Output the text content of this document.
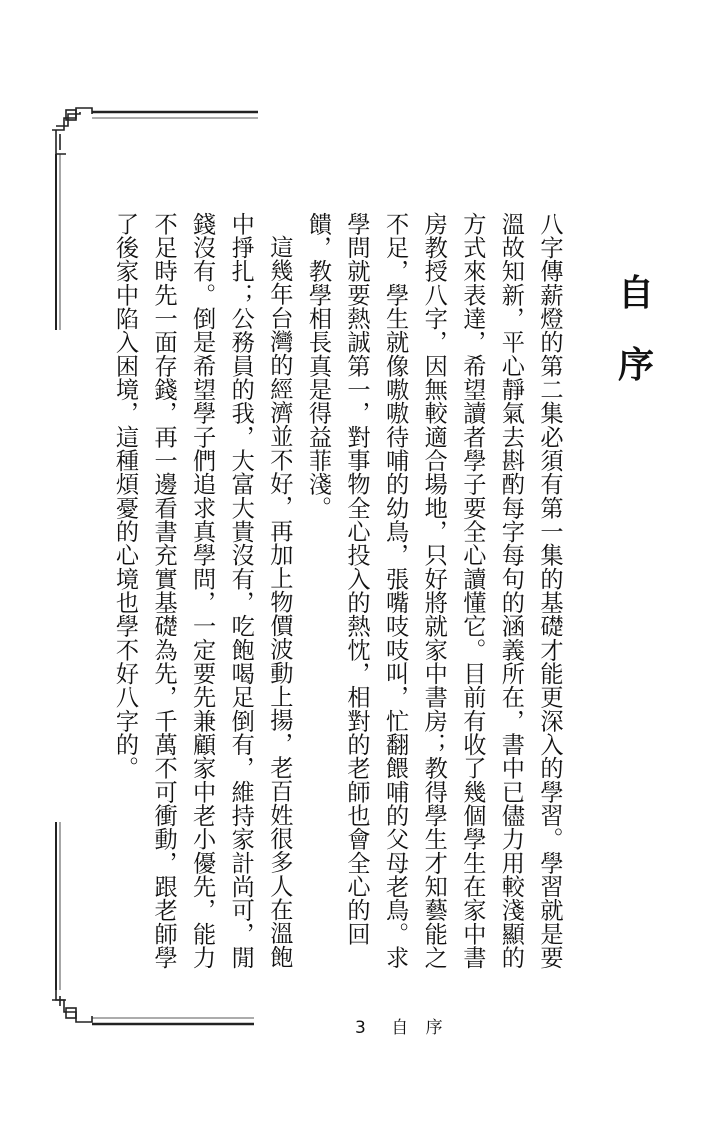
自
序

八字傳薪燈的第二集必須有第一集的基礎才能更深入的學習。學習就是要溫故知新，平心靜氣去斟酌每字每句的涵義所在，書中已儘力用較淺顯的方式來表達，希望讀者學子要全心讀懂它。目前有收了幾個學生在家中書房教授八字，因無較適合場地，只好將就家中書房；教得學生才知藝能之不足，學生就像嗷嗷待哺的幼鳥，張嘴吱吱叫，忙翻餵哺的父母老鳥。求學問就要熱誠第一，對事物全心投入的熱忱，相對的老師也會全心的回饋，教學相長真是得益菲淺。

這幾年台灣的經濟並不好，再加上物價波動上揚，老百姓很多人在溫飽中掙扎；公務員的我，大富大貴沒有，吃飽喝足倒有，維持家計尚可，閒錢沒有。倒是希望學子們追求真學問，一定要先兼顧家中老小優先，能力不足時先一面存錢，再一邊看書充實基礎為先，千萬不可衝動，跟老師學了後家中陷入困境，這種煩憂的心境也學不好八字的。

3 自 序
